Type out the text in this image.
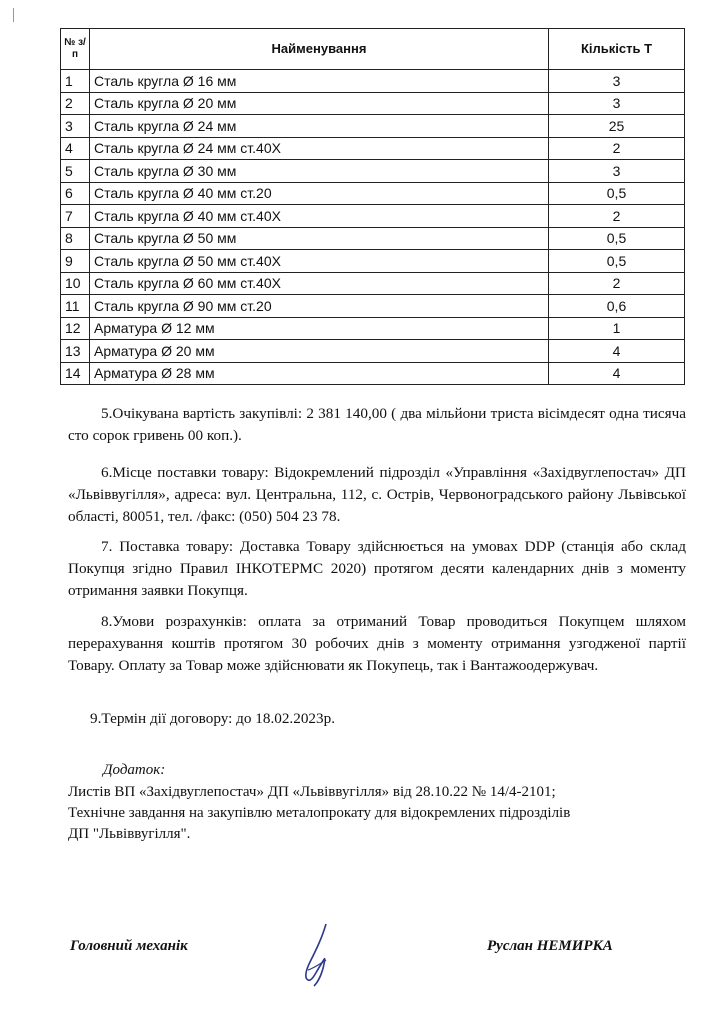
№ з/п	Найменування	Кількість Т
1	Сталь кругла Ø 16 мм	3
2	Сталь кругла Ø 20 мм	3
3	Сталь кругла Ø 24 мм	25
4	Сталь кругла Ø 24 мм ст.40Х	2
5	Сталь кругла Ø 30 мм	3
6	Сталь кругла Ø 40 мм ст.20	0,5
7	Сталь кругла Ø 40 мм ст.40Х	2
8	Сталь кругла Ø 50 мм	0,5
9	Сталь кругла Ø 50 мм ст.40Х	0,5
10	Сталь кругла Ø 60 мм ст.40Х	2
11	Сталь кругла Ø 90 мм ст.20	0,6
12	Арматура Ø 12 мм	1
13	Арматура Ø 20 мм	4
14	Арматура Ø 28 мм	4

5.Очікувана вартість закупівлі: 2 381 140,00 ( два мільйони триста вісімдесят одна тисяча сто сорок гривень 00 коп.).

6.Місце поставки товару: Відокремлений підрозділ «Управління «Західвуглепостач» ДП «Львіввугілля», адреса: вул. Центральна, 112, с. Острів, Червоноградського району Львівської області, 80051, тел. /факс: (050) 504 23 78.

7. Поставка товару: Доставка Товару здійснюється на умовах DDP (станція або склад Покупця згідно Правил ІНКОТЕРМС 2020) протягом десяти календарних днів з моменту отримання заявки Покупця.

8.Умови розрахунків: оплата за отриманий Товар проводиться Покупцем шляхом перерахування коштів протягом 30 робочих днів з моменту отримання узгодженої партії Товару. Оплату за Товар може здійснювати як Покупець, так і Вантажоодержувач.

9.Термін дії договору: до 18.02.2023р.

Додаток:

Листів ВП «Західвуглепостач» ДП «Львіввугілля» від 28.10.22 № 14/4-2101;

Технічне завдання на закупівлю металопрокату для відокремлених підрозділів

ДП "Львіввугілля".

Головний механік	Руслан НЕМИРКА
